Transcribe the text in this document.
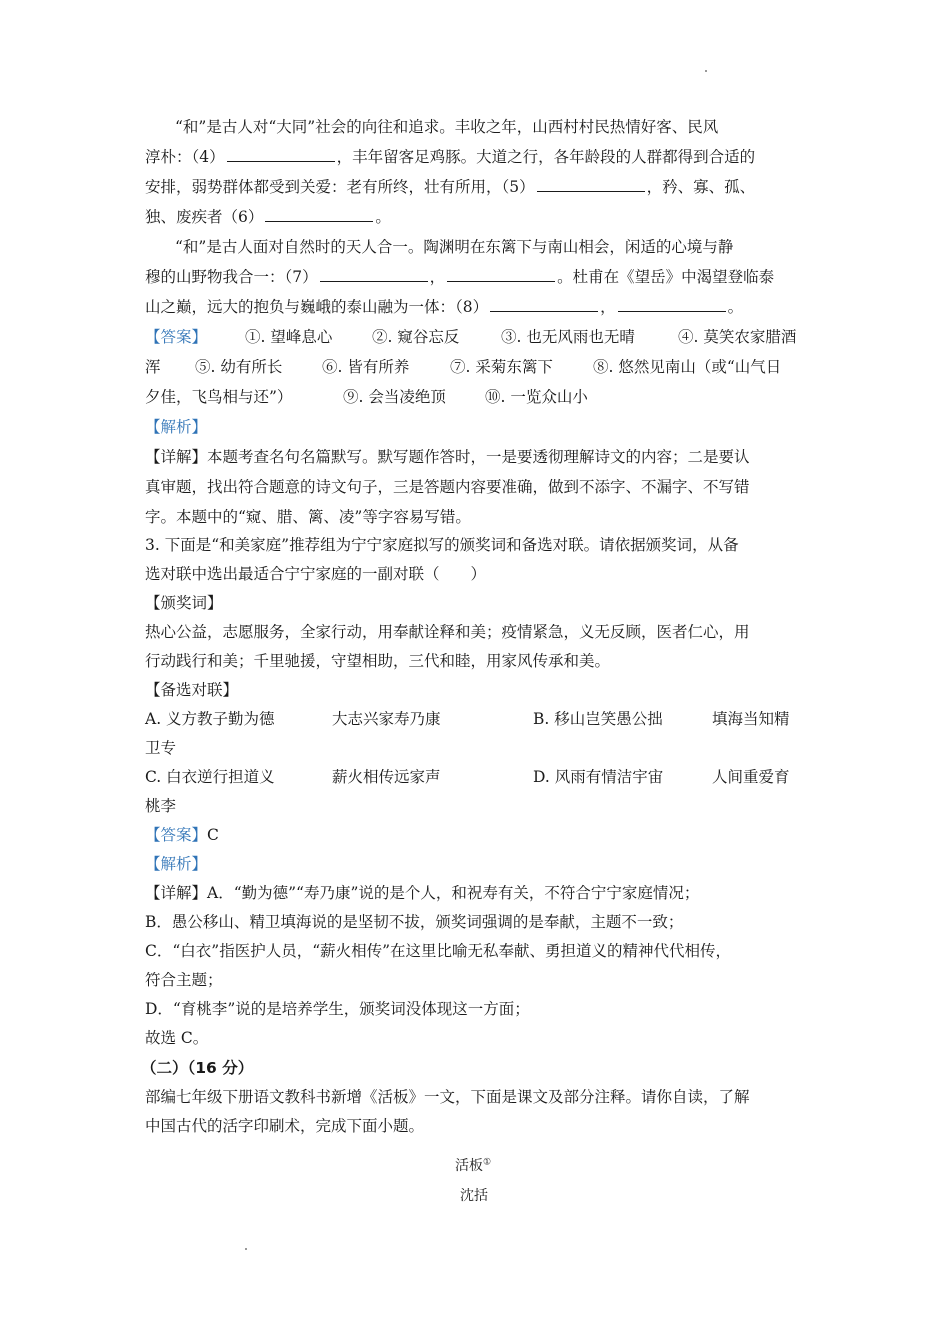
“和”是古人对“大同”社会的向往和追求。丰收之年，山西村村民热情好客、民风
淳朴：（4）	，丰年留客足鸡豚。大道之行，各年龄段的人群都得到合适的
安排，弱势群体都受到关爱：老有所终，壮有所用，（5）	，矜、寡、孤、
独、废疾者（6）	。
“和”是古人面对自然时的天人合一。陶渊明在东篱下与南山相会，闲适的心境与静
穆的山野物我合一：（7）	，	。杜甫在《望岳》中渴望登临泰
山之巅，远大的抱负与巍峨的泰山融为一体：（8）	，	。
【答案】 ①. 望峰息心	②. 窥谷忘反	③. 也无风雨也无晴	④. 莫笑农家腊酒
浑 ⑤. 幼有所长	⑥. 皆有所养	⑦. 采菊东篱下	⑧. 悠然见南山（或“山气日
夕佳，飞鸟相与还”）	⑨. 会当凌绝顶	⑩. 一览众山小
【解析】
【详解】本题考查名句名篇默写。默写题作答时，一是要透彻理解诗文的内容；二是要认
真审题，找出符合题意的诗文句子，三是答题内容要准确，做到不添字、不漏字、不写错
字。本题中的“窥、腊、篱、凌”等字容易写错。
3. 下面是“和美家庭”推荐组为宁宁家庭拟写的颁奖词和备选对联。请依据颁奖词，从备
选对联中选出最适合宁宁家庭的一副对联（　　）
【颁奖词】
热心公益，志愿服务，全家行动，用奉献诠释和美；疫情紧急，义无反顾，医者仁心，用
行动践行和美；千里驰援，守望相助，三代和睦，用家风传承和美。
【备选对联】
A. 义方教子勤为德	大志兴家寿乃康	B. 移山岂笑愚公拙	填海当知精
卫专
C. 白衣逆行担道义	薪火相传远家声	D. 风雨有情洁宇宙	人间重爱育
桃李
【答案】C
【解析】
【详解】A．“勤为德”“寿乃康”说的是个人，和祝寿有关，不符合宁宁家庭情况；
B．愚公移山、精卫填海说的是坚韧不拔，颁奖词强调的是奉献，主题不一致；
C．“白衣”指医护人员，“薪火相传”在这里比喻无私奉献、勇担道义的精神代代相传，
符合主题；
D．“育桃李”说的是培养学生，颁奖词没体现这一方面；
故选 C。
（二）（16 分）
部编七年级下册语文教科书新增《活板》一文，下面是课文及部分注释。请你自读，了解
中国古代的活字印刷术，完成下面小题。
活板①
沈括
